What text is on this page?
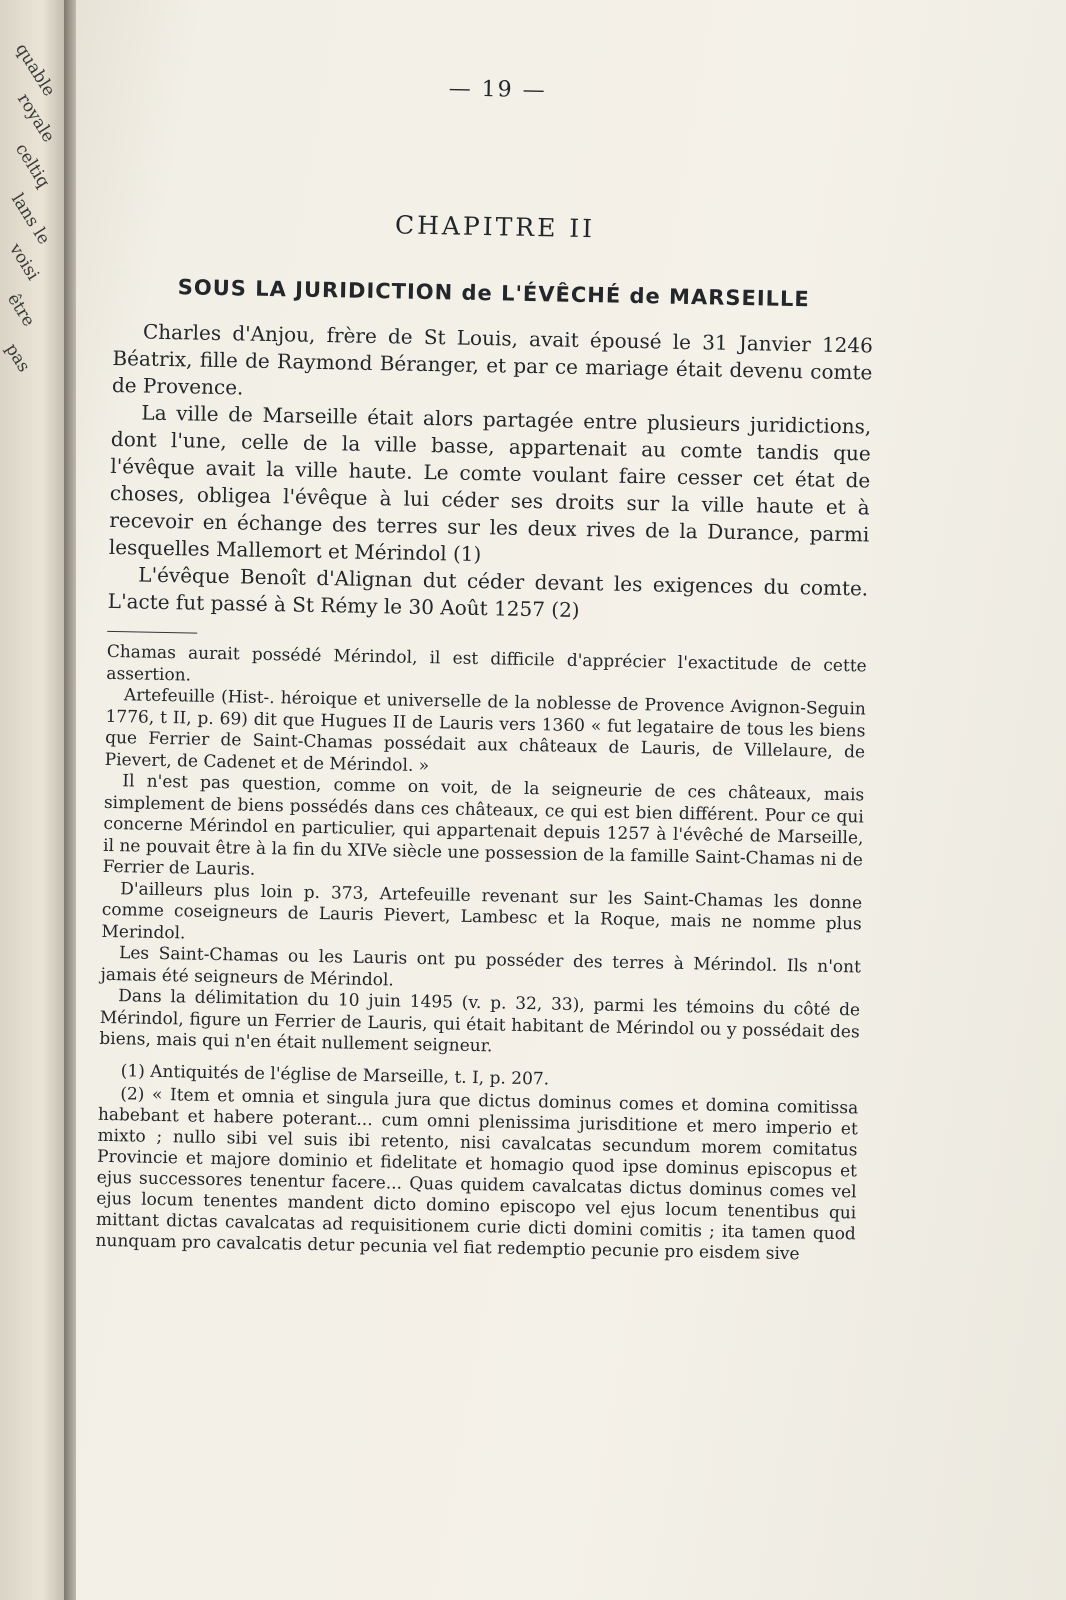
quable
royale
celtiq
lans le
voisi
être
pas
— 19 —
CHAPITRE II
SOUS LA JURIDICTION de L'ÉVÊCHÉ de MARSEILLE

Charles d'Anjou, frère de St Louis, avait épousé le 31 Janvier 1246 Béatrix, fille de Raymond Béranger, et par ce mariage était devenu comte de Provence.

La ville de Marseille était alors partagée entre plusieurs juridictions, dont l'une, celle de la ville basse, appartenait au comte tandis que l'évêque avait la ville haute. Le comte voulant faire cesser cet état de choses, obligea l'évêque à lui céder ses droits sur la ville haute et à recevoir en échange des terres sur les deux rives de la Durance, parmi lesquelles Mallemort et Mérindol (1)

L'évêque Benoît d'Alignan dut céder devant les exigences du comte. L'acte fut passé à St Rémy le 30 Août 1257 (2)

Chamas aurait possédé Mérindol, il est difficile d'apprécier l'exactitude de cette assertion.

Artefeuille (Hist-. héroique et universelle de la noblesse de Provence Avignon-Seguin 1776, t II, p. 69) dit que Hugues II de Lauris vers 1360 « fut legataire de tous les biens que Ferrier de Saint-Chamas possédait aux châteaux de Lauris, de Villelaure, de Pievert, de Cadenet et de Mérindol. »

Il n'est pas question, comme on voit, de la seigneurie de ces châteaux, mais simplement de biens possédés dans ces châteaux, ce qui est bien différent. Pour ce qui concerne Mérindol en particulier, qui appartenait depuis 1257 à l'évêché de Marseille, il ne pouvait être à la fin du XIVe siècle une possession de la famille Saint-Chamas ni de Ferrier de Lauris.

D'ailleurs plus loin p. 373, Artefeuille revenant sur les Saint-Chamas les donne comme coseigneurs de Lauris Pievert, Lambesc et la Roque, mais ne nomme plus Merindol.

Les Saint-Chamas ou les Lauris ont pu posséder des terres à Mérindol. Ils n'ont jamais été seigneurs de Mérindol.

Dans la délimitation du 10 juin 1495 (v. p. 32, 33), parmi les témoins du côté de Mérindol, figure un Ferrier de Lauris, qui était habitant de Mérindol ou y possédait des biens, mais qui n'en était nullement seigneur.

(1) Antiquités de l'église de Marseille, t. I, p. 207.

(2) « Item et omnia et singula jura que dictus dominus comes et domina comitissa habebant et habere poterant... cum omni plenissima jurisditione et mero imperio et mixto ; nullo sibi vel suis ibi retento, nisi cavalcatas secundum morem comitatus Provincie et majore dominio et fidelitate et homagio quod ipse dominus episcopus et ejus successores tenentur facere... Quas quidem cavalcatas dictus dominus comes vel ejus locum tenentes mandent dicto domino episcopo vel ejus locum tenentibus qui mittant dictas cavalcatas ad requisitionem curie dicti domini comitis ; ita tamen quod nunquam pro cavalcatis detur pecunia vel fiat redemptio pecunie pro eisdem sive
